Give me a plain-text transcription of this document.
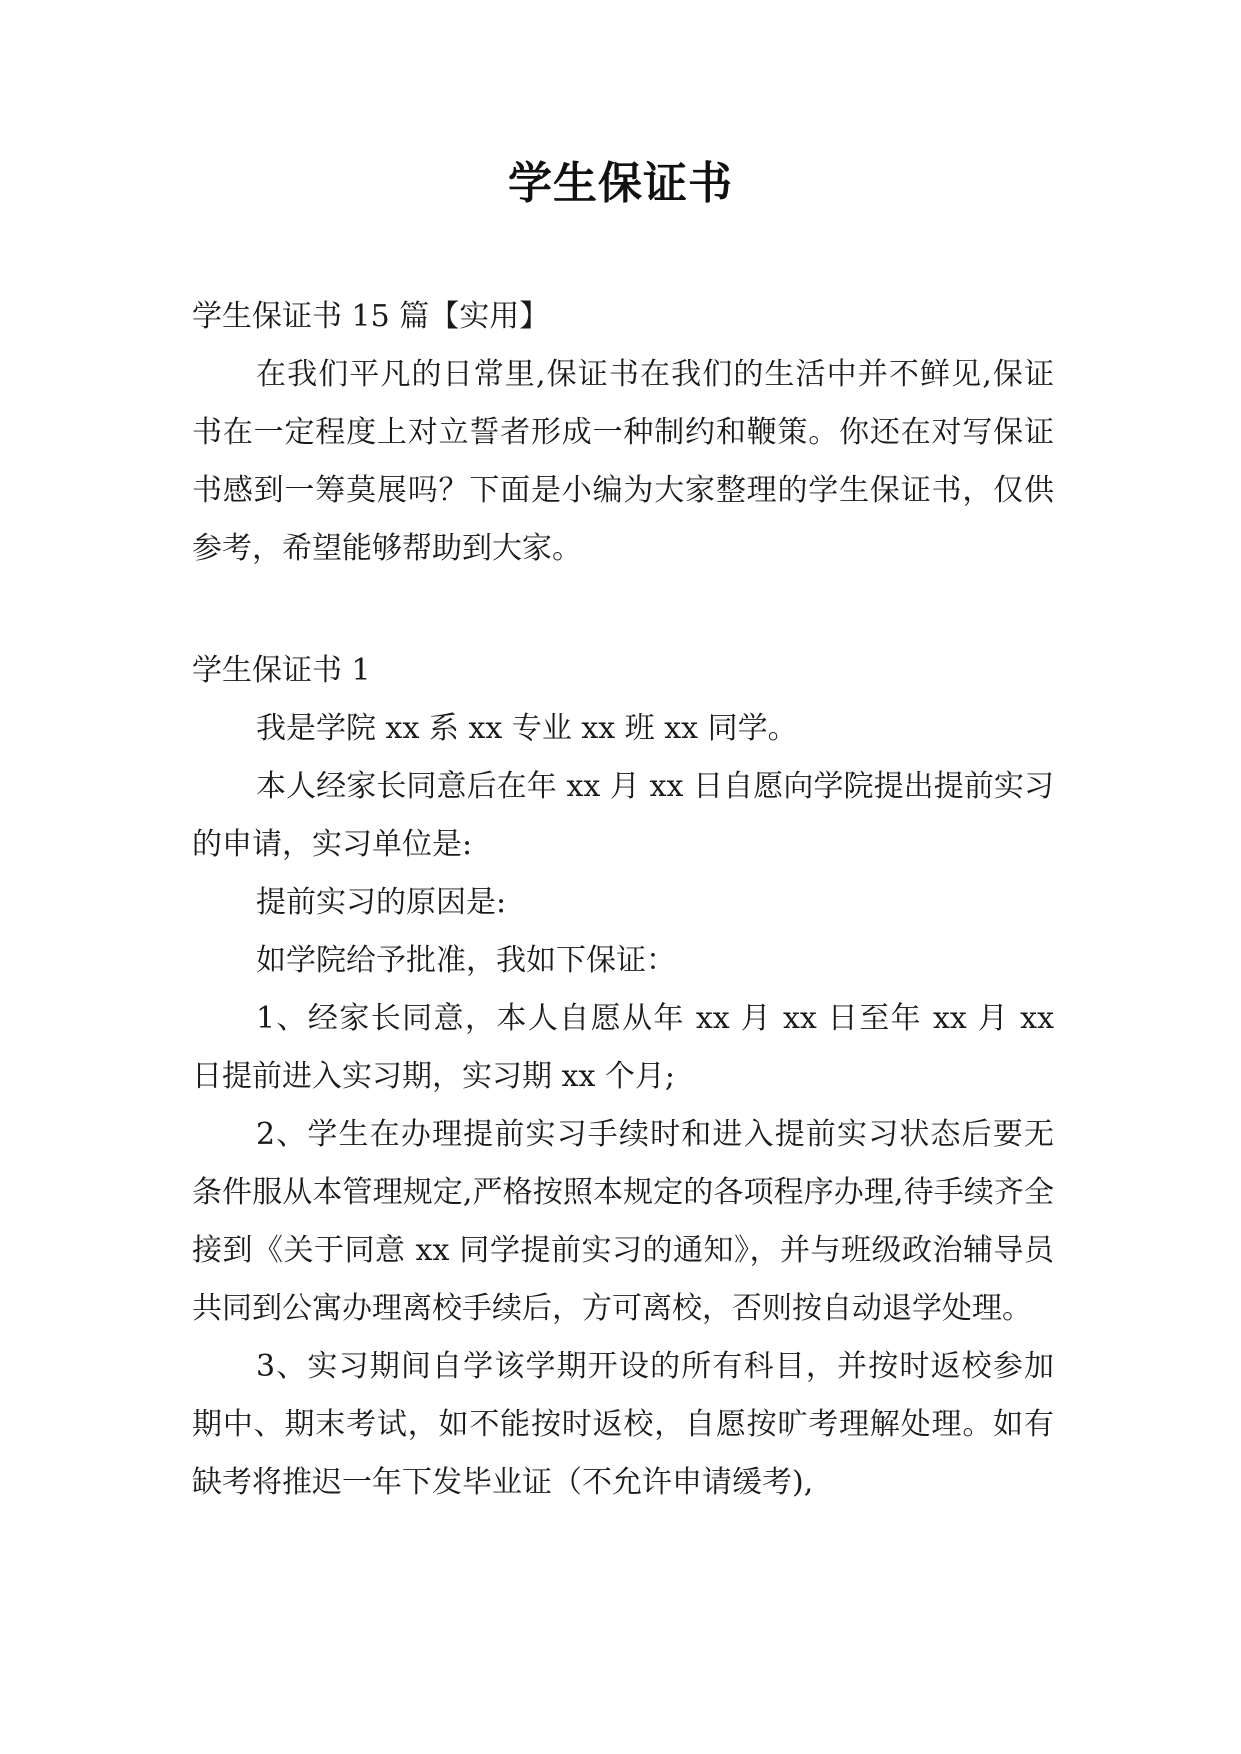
学生保证书

学生保证书 15 篇【实用】

在我们平凡的日常里,保证书在我们的生活中并不鲜见,保证书在一定程度上对立誓者形成一种制约和鞭策。你还在对写保证书感到一筹莫展吗？下面是小编为大家整理的学生保证书，仅供参考，希望能够帮助到大家。

学生保证书 1

我是学院 xx 系 xx 专业 xx 班 xx 同学。

本人经家长同意后在年 xx 月 xx 日自愿向学院提出提前实习的申请，实习单位是:

提前实习的原因是:

如学院给予批准，我如下保证：

1、经家长同意，本人自愿从年 xx 月 xx 日至年 xx 月 xx 日提前进入实习期，实习期 xx 个月;

2、学生在办理提前实习手续时和进入提前实习状态后要无条件服从本管理规定,严格按照本规定的各项程序办理,待手续齐全接到《关于同意 xx 同学提前实习的通知》，并与班级政治辅导员共同到公寓办理离校手续后，方可离校，否则按自动退学处理。

3、实习期间自学该学期开设的所有科目，并按时返校参加期中、期末考试，如不能按时返校，自愿按旷考理解处理。如有缺考将推迟一年下发毕业证（不允许申请缓考),
